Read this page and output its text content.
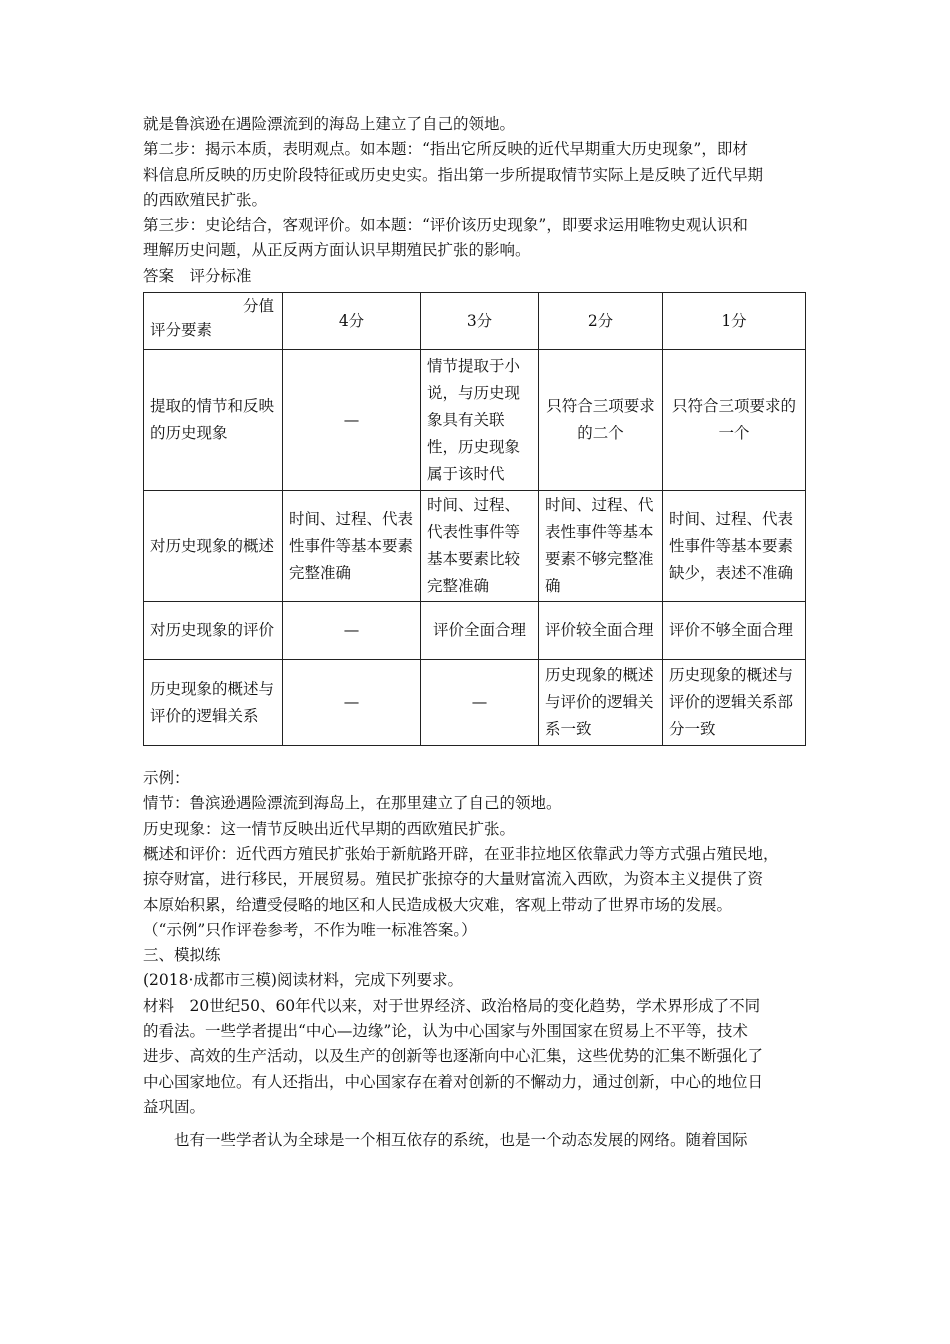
就是鲁滨逊在遇险漂流到的海岛上建立了自己的领地。
第二步：揭示本质，表明观点。如本题：“指出它所反映的近代早期重大历史现象”，即材
料信息所反映的历史阶段特征或历史史实。指出第一步所提取情节实际上是反映了近代早期
的西欧殖民扩张。
第三步：史论结合，客观评价。如本题：“评价该历史现象”，即要求运用唯物史观认识和
理解历史问题，从正反两方面认识早期殖民扩张的影响。
答案　评分标准
分值
评分要素	4分	3分	2分	1分
提取的情节和反映的历史现象	—	情节提取于小说，与历史现象具有关联性，历史现象属于该时代	只符合三项要求的二个	只符合三项要求的一个
对历史现象的概述	时间、过程、代表性事件等基本要素完整准确	时间、过程、代表性事件等基本要素比较完整准确	时间、过程、代表性事件等基本要素不够完整准确	时间、过程、代表性事件等基本要素缺少，表述不准确
对历史现象的评价	—	评价全面合理	评价较全面合理	评价不够全面合理
历史现象的概述与评价的逻辑关系	—	—	历史现象的概述与评价的逻辑关系一致	历史现象的概述与评价的逻辑关系部分一致
示例：
情节：鲁滨逊遇险漂流到海岛上，在那里建立了自己的领地。
历史现象：这一情节反映出近代早期的西欧殖民扩张。
概述和评价：近代西方殖民扩张始于新航路开辟，在亚非拉地区依靠武力等方式强占殖民地，
掠夺财富，进行移民，开展贸易。殖民扩张掠夺的大量财富流入西欧，为资本主义提供了资
本原始积累，给遭受侵略的地区和人民造成极大灾难，客观上带动了世界市场的发展。
（“示例”只作评卷参考，不作为唯一标准答案。）
三、模拟练
(2018·成都市三模)阅读材料，完成下列要求。
材料　20世纪50、60年代以来，对于世界经济、政治格局的变化趋势，学术界形成了不同
的看法。一些学者提出“中心—边缘”论，认为中心国家与外围国家在贸易上不平等，技术
进步、高效的生产活动，以及生产的创新等也逐渐向中心汇集，这些优势的汇集不断强化了
中心国家地位。有人还指出，中心国家存在着对创新的不懈动力，通过创新，中心的地位日
益巩固。
也有一些学者认为全球是一个相互依存的系统，也是一个动态发展的网络。随着国际
